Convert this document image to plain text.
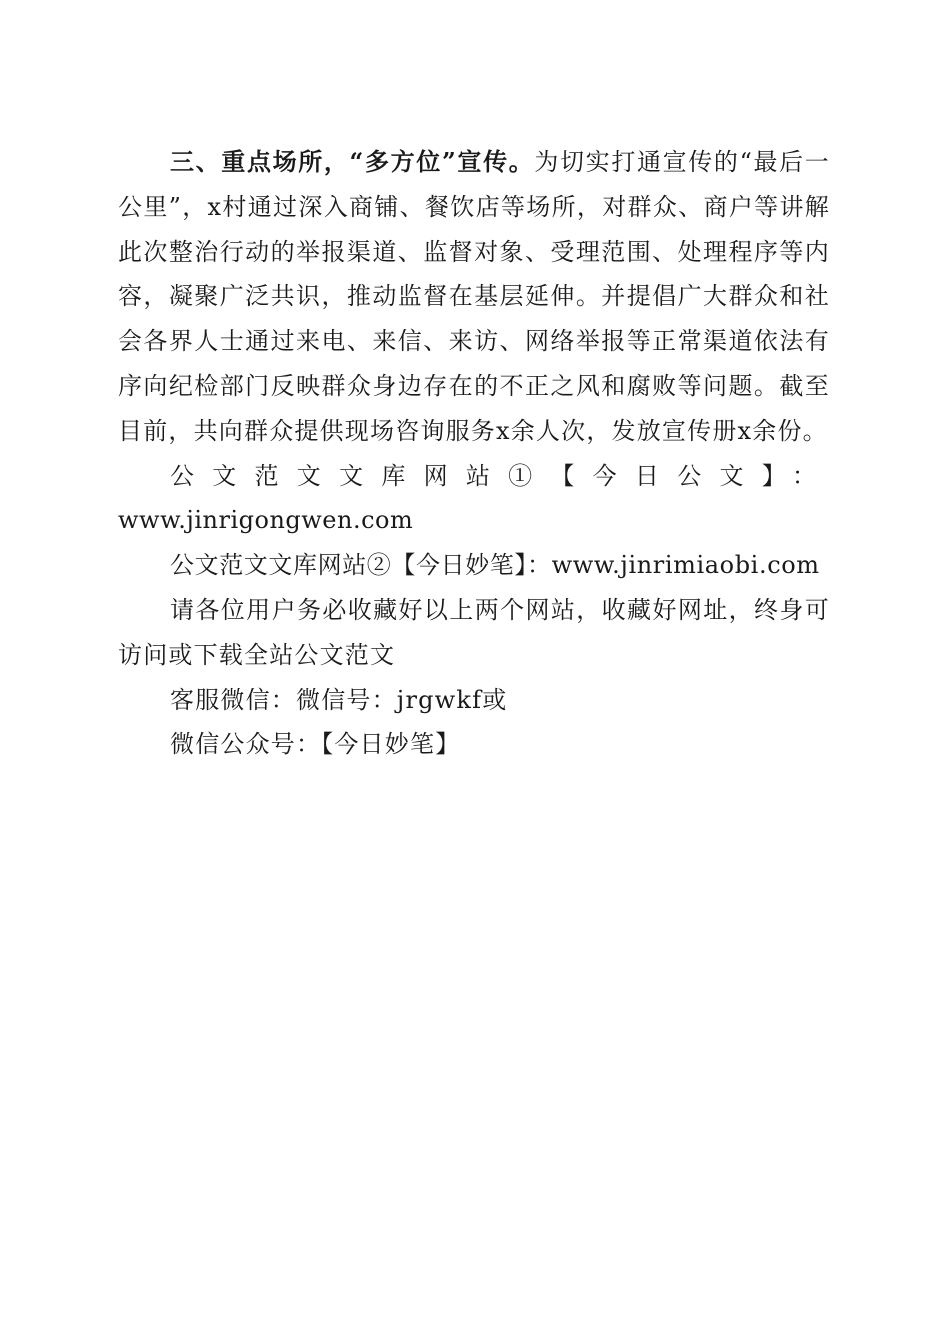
三、重点场所，“多方位”宣传。为切实打通宣传的“最后一公里”，x村通过深入商铺、餐饮店等场所，对群众、商户等讲解此次整治行动的举报渠道、监督对象、受理范围、处理程序等内容，凝聚广泛共识，推动监督在基层延伸。并提倡广大群众和社会各界人士通过来电、来信、来访、网络举报等正常渠道依法有序向纪检部门反映群众身边存在的不正之风和腐败等问题。截至目前，共向群众提供现场咨询服务x余人次，发放宣传册x余份。

公文范文文库网站①【今日公文】：

www.jinrigongwen.com

公文范文文库网站②【今日妙笔】：www.jinrimiaobi.com

请各位用户务必收藏好以上两个网站，收藏好网址，终身可访问或下载全站公文范文

客服微信：微信号：jrgwkf或

微信公众号：【今日妙笔】
